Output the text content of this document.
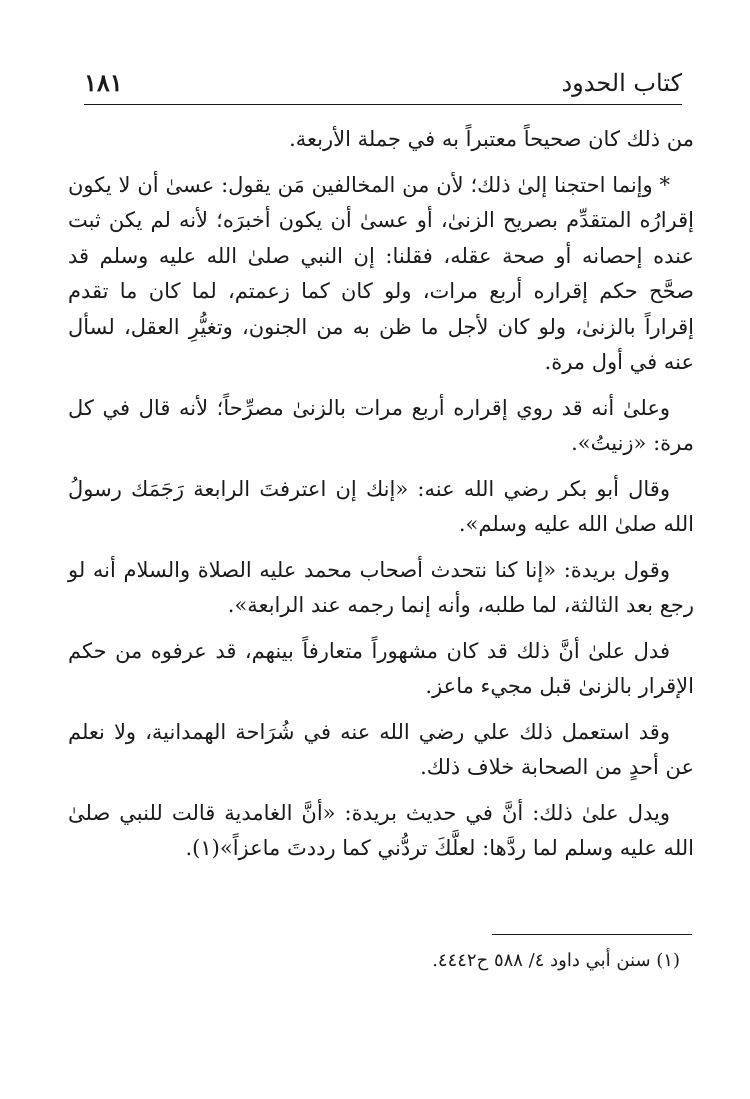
كتاب الحدود
١٨١

من ذلك كان صحيحاً معتبراً به في جملة الأربعة.

* وإنما احتجنا إلىٰ ذلك؛ لأن من المخالفين مَن يقول: عسىٰ أن لا يكون إقرارُه المتقدِّم بصريح الزنىٰ، أو عسىٰ أن يكون أخبرَه؛ لأنه لم يكن ثبت عنده إحصانه أو صحة عقله، فقلنا: إن النبي صلىٰ الله عليه وسلم قد صحَّح حكم إقراره أربع مرات، ولو كان كما زعمتم، لما كان ما تقدم إقراراً بالزنىٰ، ولو كان لأجل ما ظن به من الجنون، وتغيُّرِ العقل، لسأل عنه في أول مرة.

وعلىٰ أنه قد روي إقراره أربع مرات بالزنىٰ مصرِّحاً؛ لأنه قال في كل مرة: «زنيتُ».

وقال أبو بكر رضي الله عنه: «إنك إن اعترفتَ الرابعة رَجَمَك رسولُ الله صلىٰ الله عليه وسلم».

وقول بريدة: «إنا كنا نتحدث أصحاب محمد عليه الصلاة والسلام أنه لو رجع بعد الثالثة، لما طلبه، وأنه إنما رجمه عند الرابعة».

فدل علىٰ أنَّ ذلك قد كان مشهوراً متعارفاً بينهم، قد عرفوه من حكم الإقرار بالزنىٰ قبل مجيء ماعز.

وقد استعمل ذلك علي رضي الله عنه في شُرَاحة الهمدانية، ولا نعلم عن أحدٍ من الصحابة خلاف ذلك.

ويدل علىٰ ذلك: أنَّ في حديث بريدة: «أنَّ الغامدية قالت للنبي صلىٰ الله عليه وسلم لما ردَّها: لعلَّكَ تردُّني كما رددتَ ماعزاً»(١).

(١) سنن أبي داود ٤/ ٥٨٨ ح٤٤٤٢.
